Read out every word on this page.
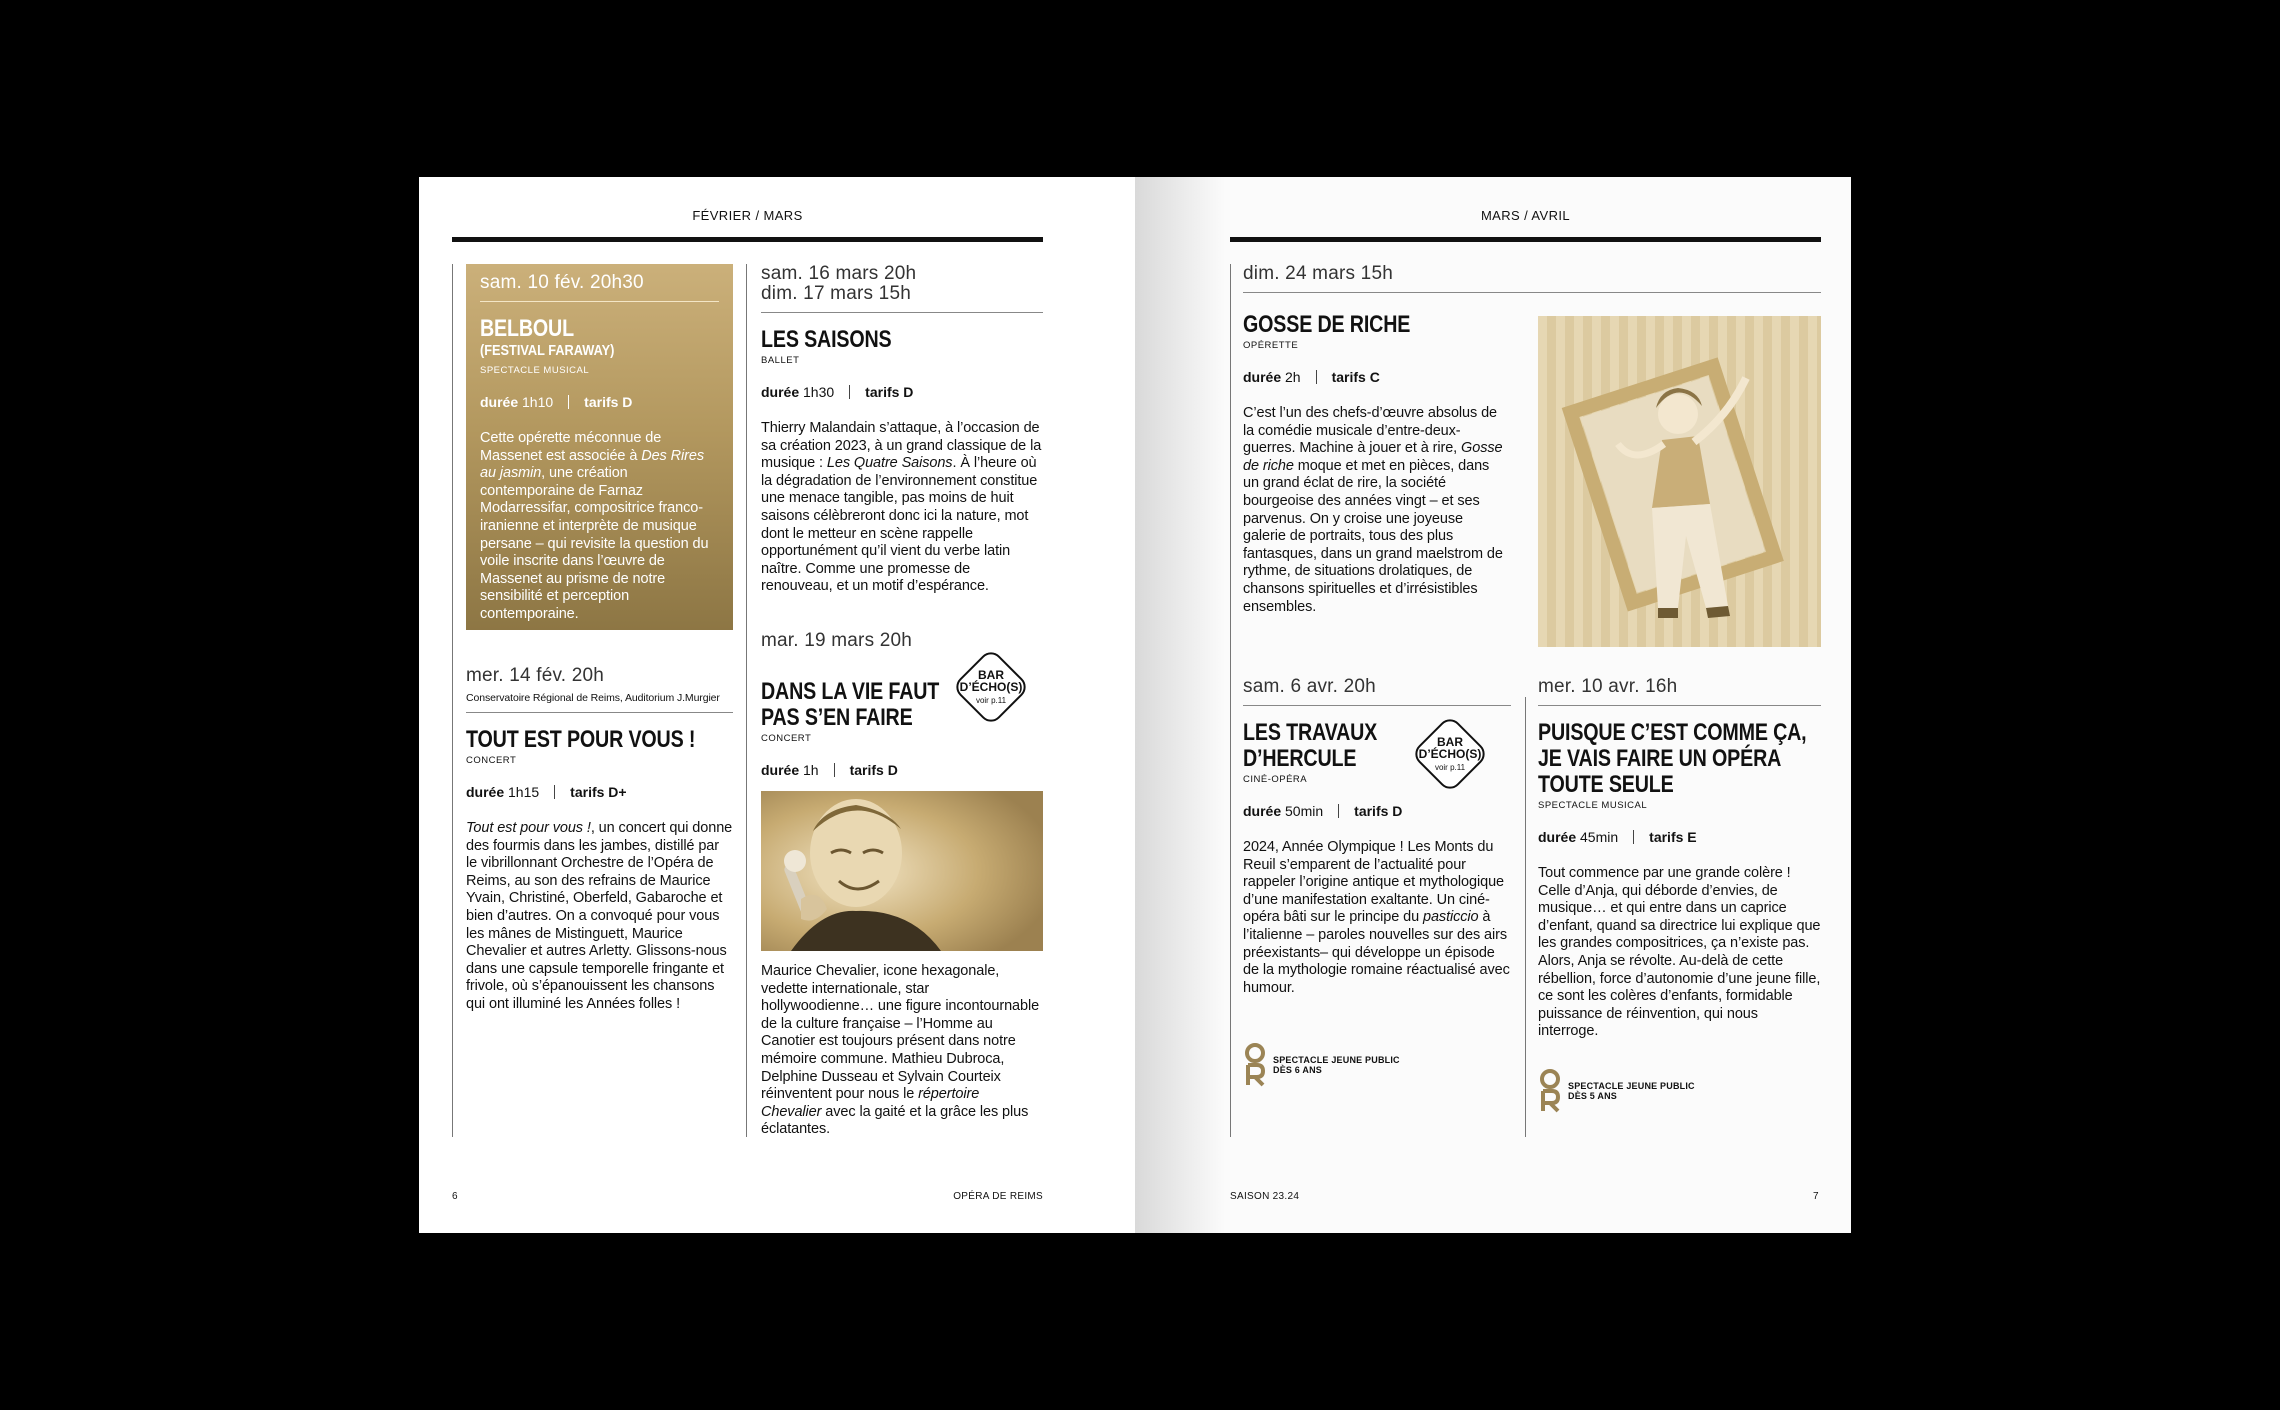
FÉVRIER / MARS
sam. 10 fév. 20h30
BELBOUL
(FESTIVAL FARAWAY)
SPECTACLE MUSICAL
durée
1h10 tarifs D
Cette opérette méconnue de Massenet est associée à Des Rires au jasmin, une création contemporaine de Farnaz Modarressifar, compositrice franco-iranienne et interprète de musique persane – qui revisite la question du voile inscrite dans l’œuvre de Massenet au prisme de notre sensibilité et perception contemporaine.
mer. 14 fév. 20h
Conservatoire Régional de Reims, Auditorium J.Murgier
TOUT EST POUR VOUS !
CONCERT
durée
1h15 tarifs D+
Tout est pour vous !, un concert qui donne des fourmis dans les jambes, distillé par le vibrillonnant Orchestre de l’Opéra de Reims, au son des refrains de Maurice Yvain, Christiné, Oberfeld, Gabaroche et bien d’autres. On a convoqué pour vous les mânes de Mistinguett, Maurice Chevalier et autres Arletty. Glissons-nous dans une capsule temporelle fringante et frivole, où s’épanouissent les chansons qui ont illuminé les Années folles !
sam. 16 mars 20h
dim. 17 mars 15h
LES SAISONS
BALLET
durée
1h30 tarifs D
Thierry Malandain s’attaque, à l’occasion de sa création 2023, à un grand classique de la musique : Les Quatre Saisons. À l’heure où la dégradation de l’environnement constitue une menace tangible, pas moins de huit saisons célèbreront donc ici la nature, mot dont le metteur en scène rappelle opportunément qu’il vient du verbe latin naître. Comme une promesse de renouveau, et un motif d’espérance.
mar. 19 mars 20h
DANS LA VIE FAUT
PAS S’EN FAIRE
CONCERT
durée
1h tarifs D
BAR
D’ÉCHO(S)
voir p.11
Maurice Chevalier, icone hexagonale, vedette internationale, star hollywoodienne… une figure incontournable de la culture française – l’Homme au Canotier est toujours présent dans notre mémoire commune. Mathieu Dubroca, Delphine Dusseau et Sylvain Courteix réinventent pour nous le répertoire Chevalier avec la gaité et la grâce les plus éclatantes.
6	OPÉRA DE REIMS
MARS / AVRIL
dim. 24 mars 15h
GOSSE DE RICHE
OPÉRETTE
durée
2h tarifs C
C’est l’un des chefs-d’œuvre absolus de la comédie musicale d’entre-deux-guerres. Machine à jouer et à rire, Gosse de riche moque et met en pièces, dans un grand éclat de rire, la société bourgeoise des années vingt – et ses parvenus. On y croise une joyeuse galerie de portraits, tous des plus fantasques, dans un grand maelstrom de rythme, de situations drolatiques, de chansons spirituelles et d’irrésistibles ensembles.
sam. 6 avr. 20h
LES TRAVAUX
D’HERCULE
CINÉ-OPÉRA
durée
50min tarifs D
2024, Année Olympique ! Les Monts du Reuil s’emparent de l’actualité pour rappeler l’origine antique et mythologique d’une manifestation exaltante. Un ciné-opéra bâti sur le principe du pasticcio à l’italienne – paroles nouvelles sur des airs préexistants– qui développe un épisode de la mythologie romaine réactualisé avec humour.
BAR
D’ÉCHO(S)
voir p.11
SPECTACLE JEUNE PUBLIC
DÈS 6 ANS
mer. 10 avr. 16h
PUISQUE C’EST COMME ÇA,
JE VAIS FAIRE UN OPÉRA
TOUTE SEULE
SPECTACLE MUSICAL
durée
45min tarifs E
Tout commence par une grande colère ! Celle d’Anja, qui déborde d’envies, de musique… et qui entre dans un caprice d’enfant, quand sa directrice lui explique que les grandes compositrices, ça n’existe pas. Alors, Anja se révolte. Au-delà de cette rébellion, force d’autonomie d’une jeune fille, ce sont les colères d’enfants, formidable puissance de réinvention, qui nous interroge.
SPECTACLE JEUNE PUBLIC
DÈS 5 ANS
SAISON 23.24	7
